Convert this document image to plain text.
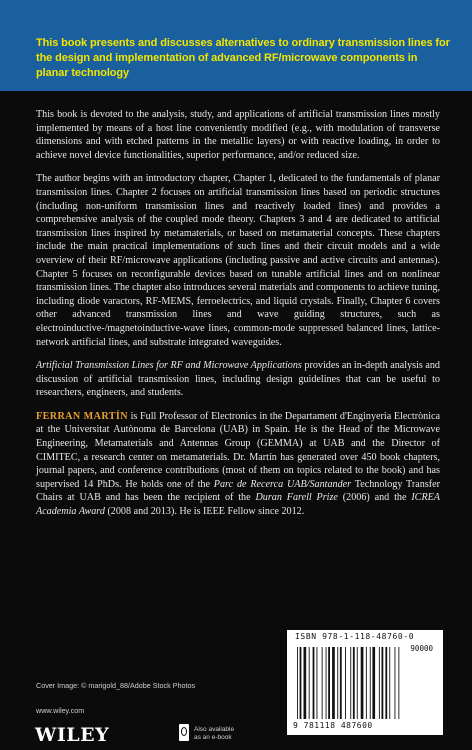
This book presents and discusses alternatives to ordinary transmission lines for the design and implementation of advanced RF/microwave components in planar technology

This book is devoted to the analysis, study, and applications of artificial transmission lines mostly implemented by means of a host line conveniently modified (e.g., with modulation of transverse dimensions and with etched patterns in the metallic layers) or with reactive loading, in order to achieve novel device functionalities, superior performance, and/or reduced size.

The author begins with an introductory chapter, Chapter 1, dedicated to the fundamentals of planar transmission lines. Chapter 2 focuses on artificial transmission lines based on periodic structures (including non-uniform transmission lines and reactively loaded lines) and provides a comprehensive analysis of the coupled mode theory. Chapters 3 and 4 are dedicated to artificial transmission lines inspired by metamaterials, or based on metamaterial concepts. These chapters include the main practical implementations of such lines and their circuit models and a wide overview of their RF/microwave applications (including passive and active circuits and antennas). Chapter 5 focuses on reconfigurable devices based on tunable artificial lines and on nonlinear transmission lines. The chapter also introduces several materials and components to achieve tuning, including diode varactors, RF-MEMS, ferroelectrics, and liquid crystals. Finally, Chapter 6 covers other advanced transmission lines and wave guiding structures, such as electroinductive-/magnetoinductive-wave lines, common-mode suppressed balanced lines, lattice-network artificial lines, and substrate integrated waveguides.

Artificial Transmission Lines for RF and Microwave Applications provides an in-depth analysis and discussion of artificial transmission lines, including design guidelines that can be useful to researchers, engineers, and students.

FERRAN MARTÍN is Full Professor of Electronics in the Departament d'Enginyeria Electrònica at the Universitat Autònoma de Barcelona (UAB) in Spain. He is the Head of the Microwave Engineering, Metamaterials and Antennas Group (GEMMA) at UAB and the Director of CIMITEC, a research center on metamaterials. Dr. Martín has generated over 450 book chapters, journal papers, and conference contributions (most of them on topics related to the book) and has supervised 14 PhDs. He holds one of the Parc de Recerca UAB/Santander Technology Transfer Chairs at UAB and has been the recipient of the Duran Farell Prize (2006) and the ICREA Academia Award (2008 and 2013). He is IEEE Fellow since 2012.

ISBN 978-1-118-48760-0
90000
9 781118 487600
Cover Image: © marigold_88/Adobe Stock Photos
www.wiley.com
WILEY	Also available
as an e-book
